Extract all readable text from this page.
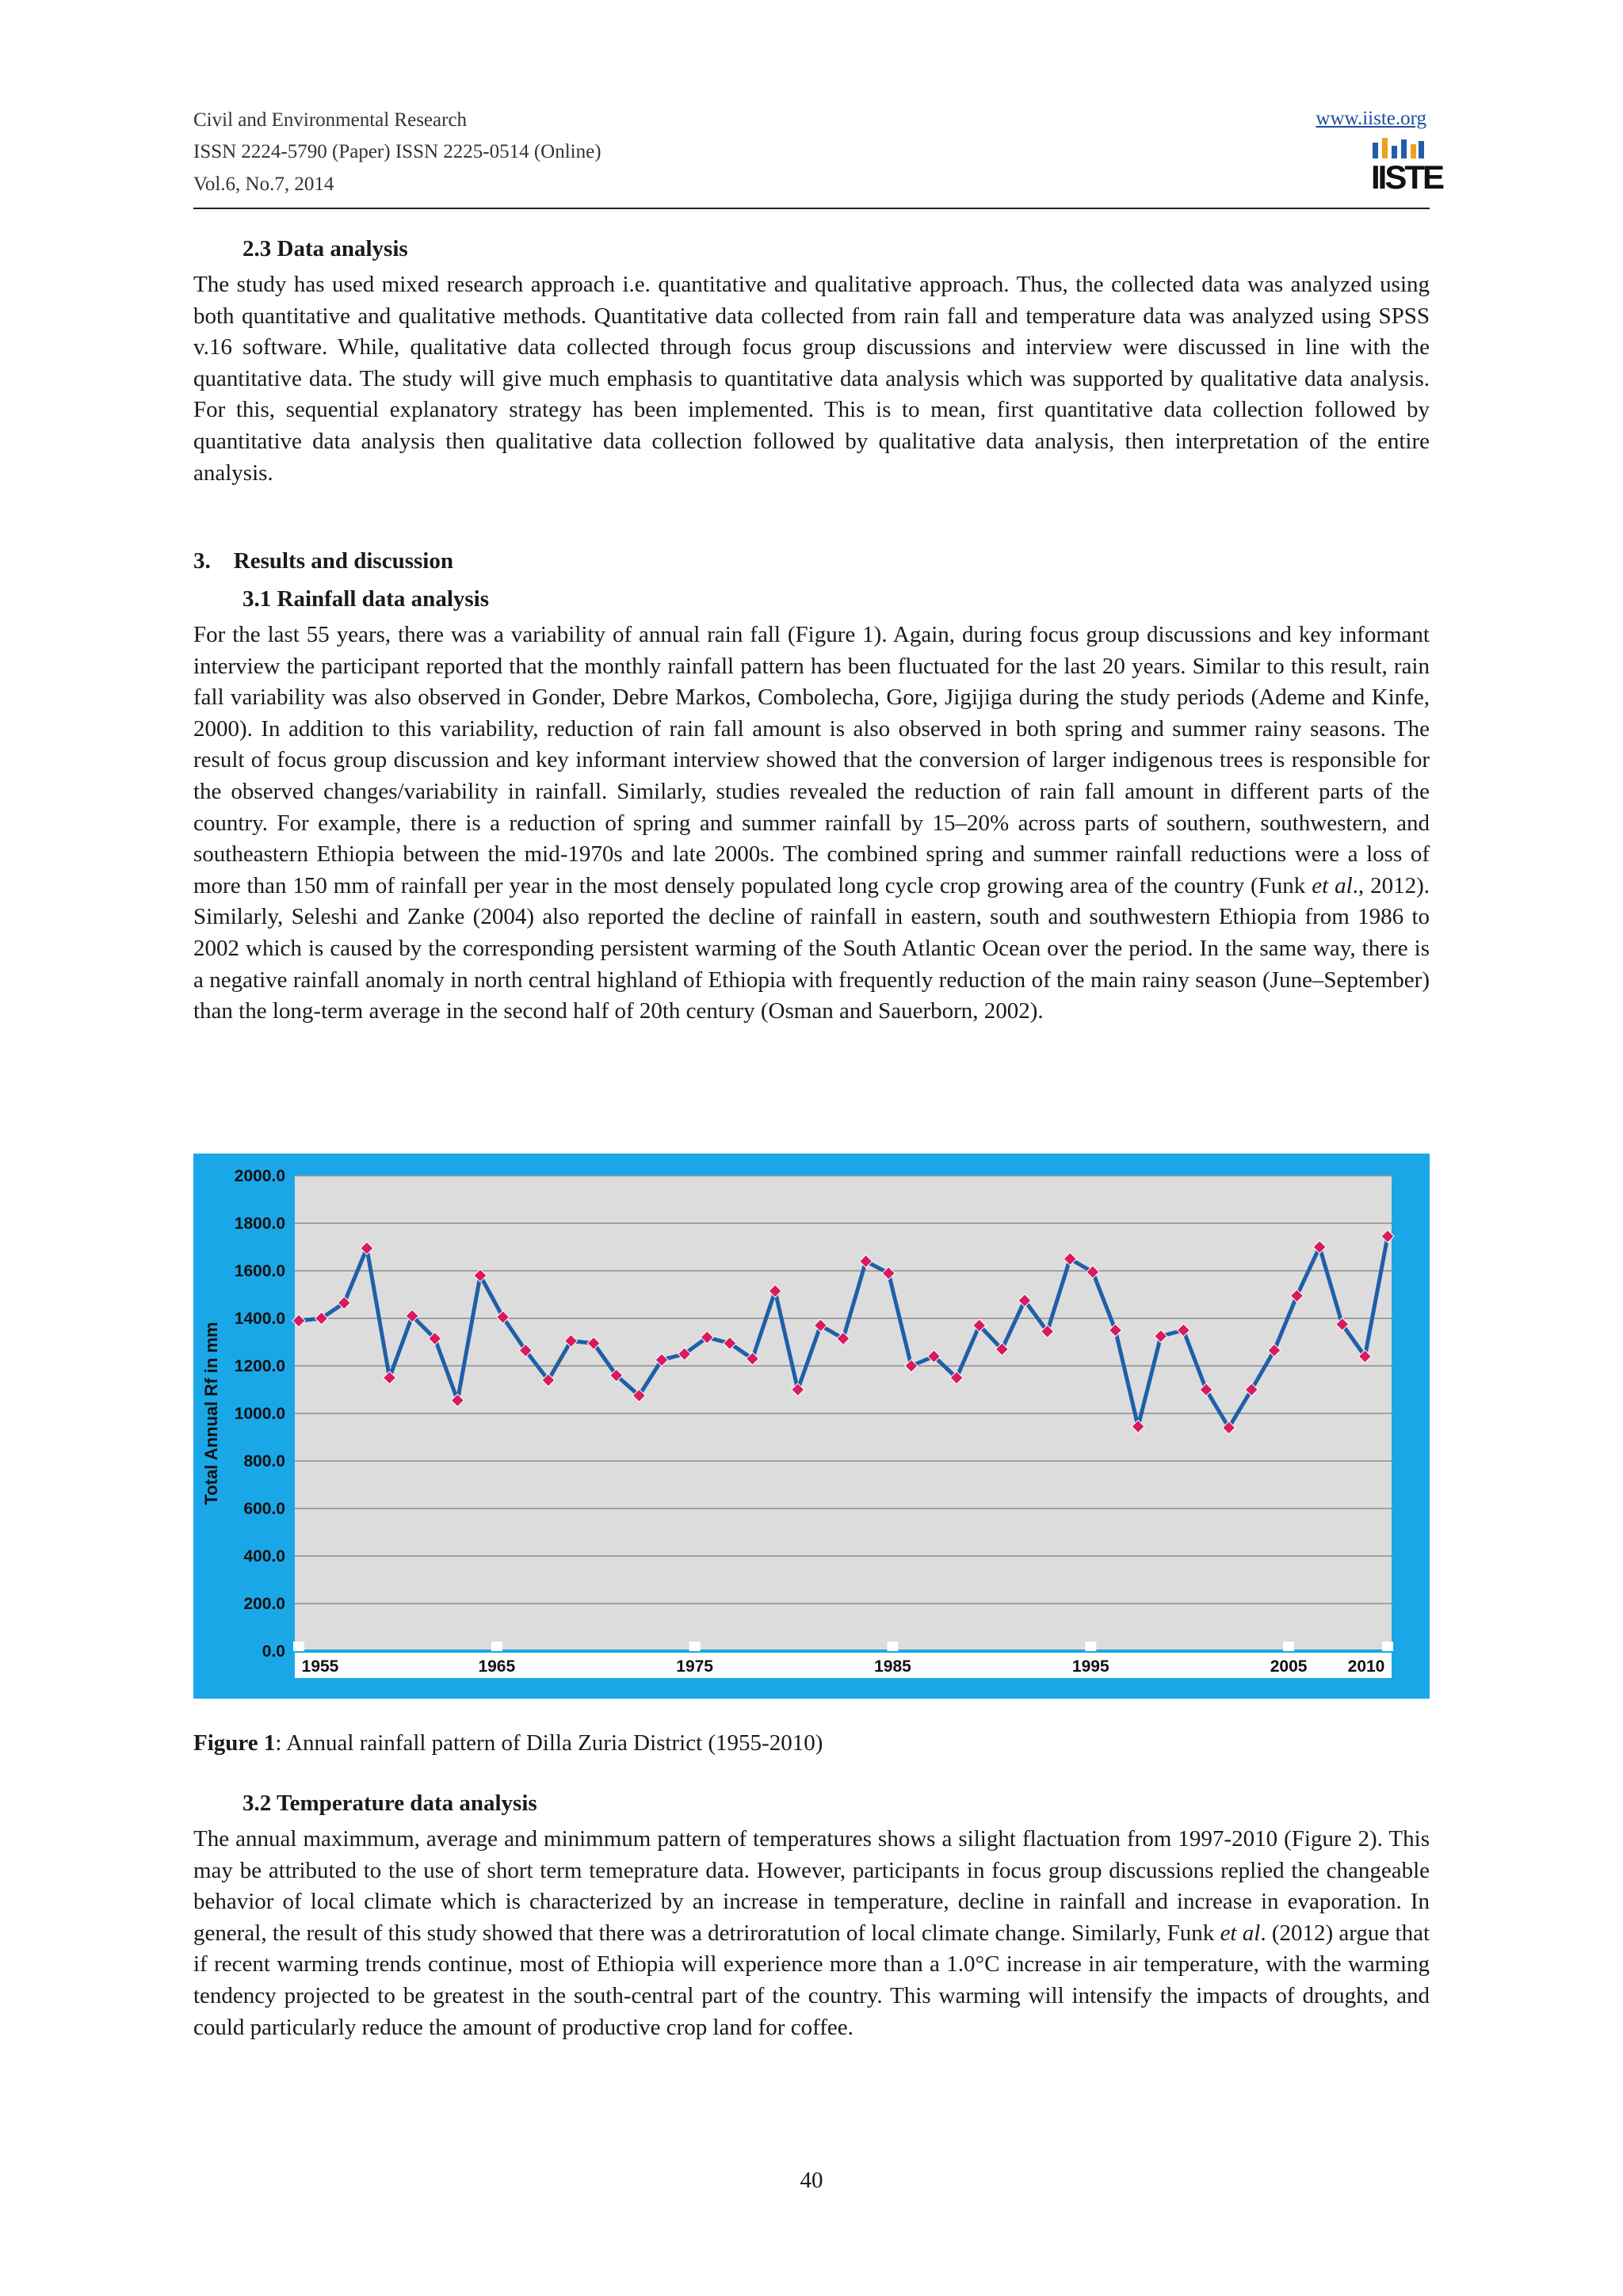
Civil and Environmental Research
ISSN 2224-5790 (Paper) ISSN 2225-0514 (Online)
Vol.6, No.7, 2014
www.iiste.org
IISTE
2.3 Data analysis
The study has used mixed research approach i.e. quantitative and qualitative approach. Thus, the collected data was analyzed using both quantitative and qualitative methods. Quantitative data collected from rain fall and temperature data was analyzed using SPSS v.16 software. While, qualitative data collected through focus group discussions and interview were discussed in line with the quantitative data. The study will give much emphasis to quantitative data analysis which was supported by qualitative data analysis. For this, sequential explanatory strategy has been implemented. This is to mean, first quantitative data collection followed by quantitative data analysis then qualitative data collection followed by qualitative data analysis, then interpretation of the entire analysis.
3.    Results and discussion
3.1 Rainfall data analysis
For the last 55 years, there was a variability of annual rain fall (Figure 1). Again, during focus group discussions and key informant interview the participant reported that the monthly rainfall pattern has been fluctuated for the last 20 years. Similar to this result, rain fall variability was also observed in Gonder, Debre Markos, Combolecha, Gore, Jigijiga during the study periods (Ademe and Kinfe, 2000). In addition to this variability, reduction of rain fall amount is also observed in both spring and summer rainy seasons. The result of focus group discussion and key informant interview showed that the conversion of larger indigenous trees is responsible for the observed changes/variability in rainfall. Similarly, studies revealed the reduction of rain fall amount in different parts of the country. For example, there is a reduction of spring and summer rainfall by 15–20% across parts of southern, southwestern, and southeastern Ethiopia between the mid-1970s and late 2000s. The combined spring and summer rainfall reductions were a loss of more than 150 mm of rainfall per year in the most densely populated long cycle crop growing area of the country (Funk et al., 2012). Similarly, Seleshi and Zanke (2004) also reported the decline of rainfall in eastern, south and southwestern Ethiopia from 1986 to 2002 which is caused by the corresponding persistent warming of the South Atlantic Ocean over the period. In the same way, there is a negative rainfall anomaly in north central highland of Ethiopia with frequently reduction of the main rainy season (June–September) than the long-term average in the second half of 20th century (Osman and Sauerborn, 2002).
0.0
200.0
400.0
600.0
800.0
1000.0
1200.0
1400.0
1600.0
1800.0
2000.0
1955	1965	1975	1985	1995	2005 2010
Total Annual Rf in mm
Figure 1: Annual rainfall pattern of Dilla Zuria District (1955-2010)
3.2 Temperature data analysis
The annual maximmum, average and minimmum pattern of temperatures shows a silight flactuation from 1997-2010 (Figure 2). This may be attributed to the use of short term temeprature data. However, participants in focus group discussions replied the changeable behavior of local climate which is characterized by an increase in temperature, decline in rainfall and increase in evaporation. In general, the result of this study showed that there was a detriroratution of local climate change. Similarly, Funk et al. (2012) argue that if recent warming trends continue, most of Ethiopia will experience more than a 1.0°C increase in air temperature, with the warming tendency projected to be greatest in the south-central part of the country. This warming will intensify the impacts of droughts, and could particularly reduce the amount of productive crop land for coffee.
40
